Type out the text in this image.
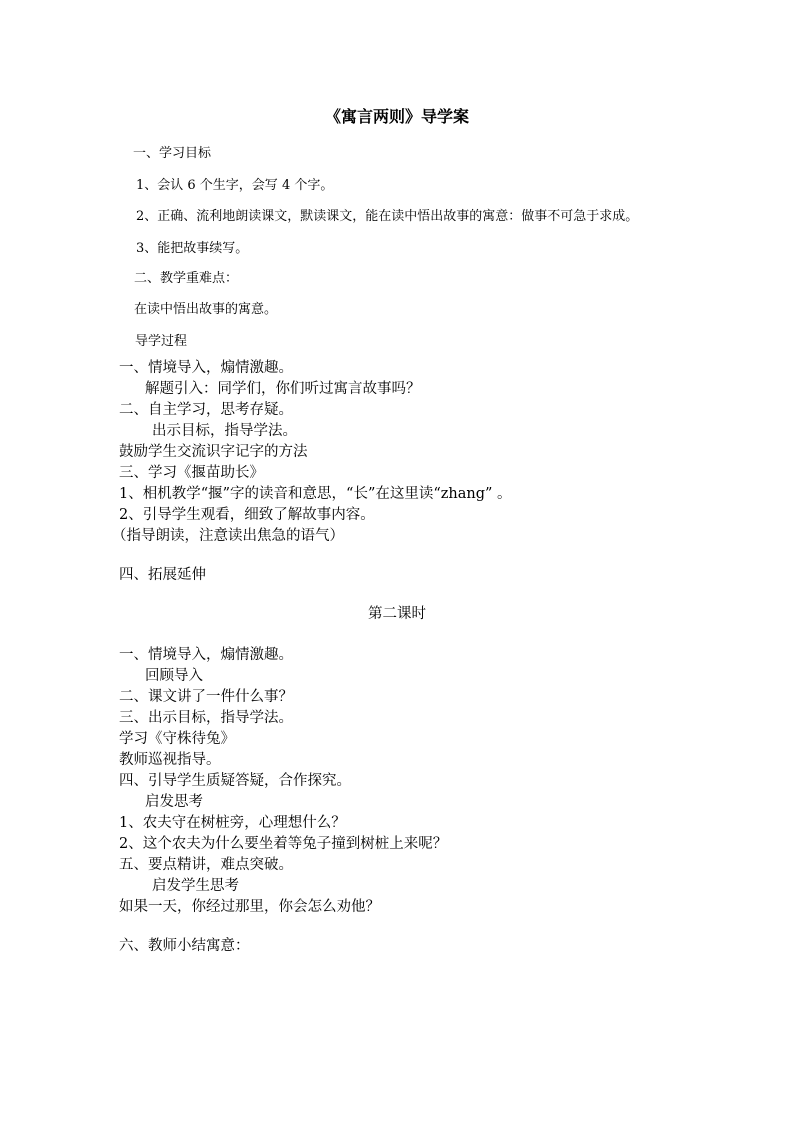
《寓言两则》导学案
一、学习目标
1、会认 6 个生字，会写 4 个字。
2、正确、流利地朗读课文，默读课文，能在读中悟出故事的寓意：做事不可急于求成。
3、能把故事续写。
二、教学重难点：
在读中悟出故事的寓意。
导学过程
一、情境导入，煽情激趣。
解题引入：同学们，你们听过寓言故事吗？
二、自主学习，思考存疑。
出示目标，指导学法。
鼓励学生交流识字记字的方法
三、学习《揠苗助长》
1、相机教学“揠”字的读音和意思，“长”在这里读“zhang” 。
2、引导学生观看，细致了解故事内容。
（指导朗读，注意读出焦急的语气）
四、拓展延伸
第二课时
一、情境导入，煽情激趣。
回顾导入
二、课文讲了一件什么事？
三、出示目标，指导学法。
学习《守株待兔》
教师巡视指导。
四、引导学生质疑答疑，合作探究。
启发思考
1、农夫守在树桩旁，心理想什么？
2、这个农夫为什么要坐着等兔子撞到树桩上来呢？
五、要点精讲，难点突破。
启发学生思考
如果一天，你经过那里，你会怎么劝他？
六、教师小结寓意：
